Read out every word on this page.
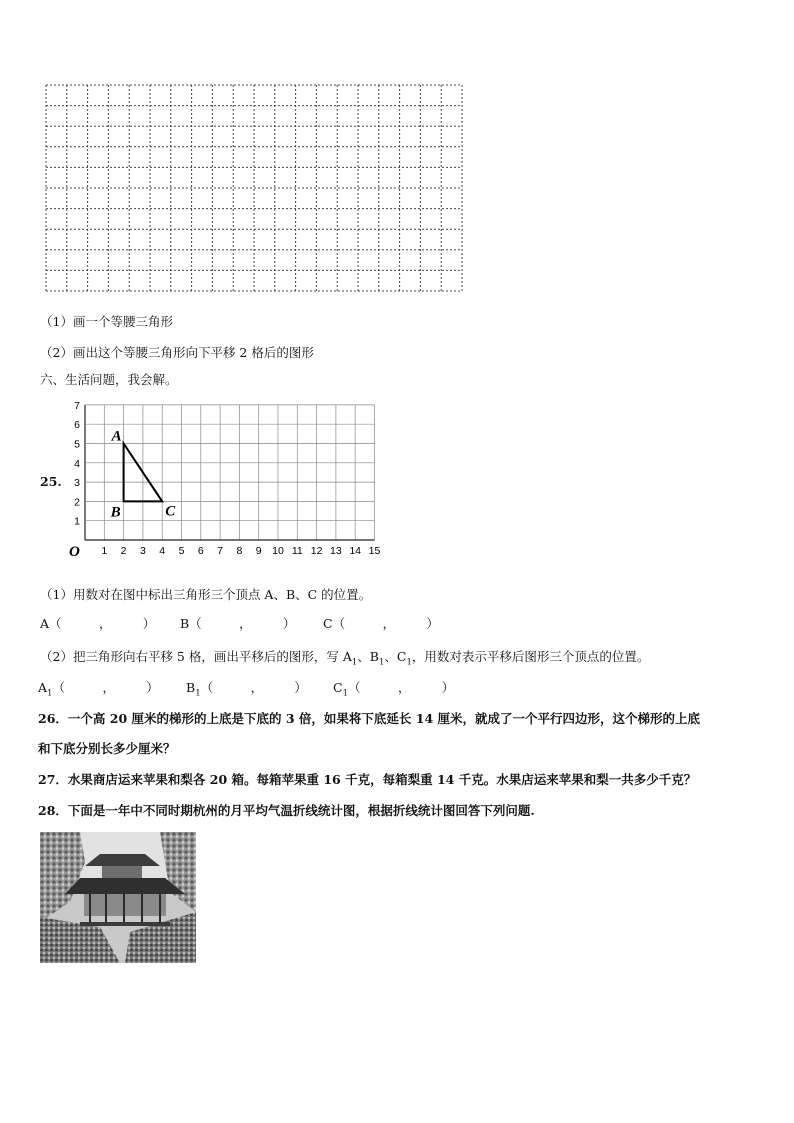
（1）画一个等腰三角形
（2）画出这个等腰三角形向下平移 2 格后的图形
六、生活问题，我会解。
25.
1 2 3 4 5 6 7 8 9 10 11 12 13 14 15
1
2
3
4
5
6
7
O
A
B	C
（1）用数对在图中标出三角形三个顶点 A、B、C 的位置。
A（　　　，　　　） B（　　　，　　　） C（　　　，　　　）
（2）把三角形向右平移 5 格，画出平移后的图形，写 $A_1$、$B_1$、$C_1$，用数对表示平移后图形三个顶点的位置。
$A_1$（　　　，　　　） $B_1$（　　　，　　　） $C_1$（　　　，　　　）
26．一个高 20 厘米的梯形的上底是下底的 3 倍，如果将下底延长 14 厘米，就成了一个平行四边形，这个梯形的上底
和下底分别长多少厘米？
27．水果商店运来苹果和梨各 20 箱。每箱苹果重 16 千克，每箱梨重 14 千克。水果店运来苹果和梨一共多少千克？
28．下面是一年中不同时期杭州的月平均气温折线统计图，根据折线统计图回答下列问题.
